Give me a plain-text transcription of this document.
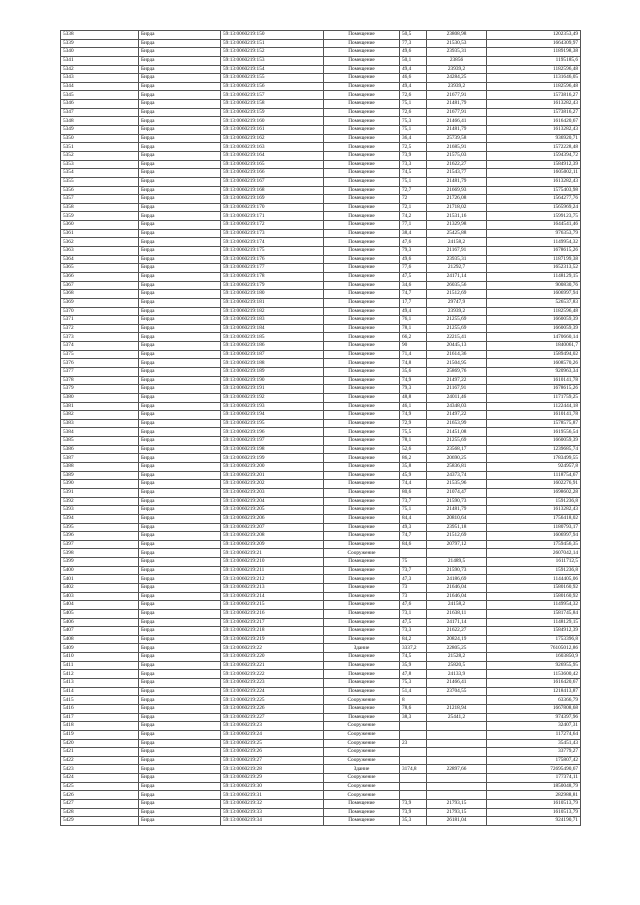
5338	Бирда	59:13:0060219:150	Помещение	50,5	23808,98	1202353,49
5339	Бирда	59:13:0060219:151	Помещение	77,3	21530,53	1664309,97
5340	Бирда	59:13:0060219:152	Помещение	49,6	23935,31	1189198,38
5341	Бирда	59:13:0060219:153	Помещение	50,1	23856	1195185,6
5342	Бирда	59:13:0060219:154	Помещение	49,4	23939,2	1182596,48
5343	Бирда	59:13:0060219:155	Помещение	46,6	24284,25	1131646,05
5344	Бирда	59:13:0060219:156	Помещение	49,4	23939,2	1182596,48
5345	Бирда	59:13:0060219:157	Помещение	72,6	21677,91	1573816,27
5346	Бирда	59:13:0060219:158	Помещение	75,1	21481,79	1613282,43
5347	Бирда	59:13:0060219:159	Помещение	72,6	21677,91	1573816,27
5348	Бирда	59:13:0060219:160	Помещение	75,3	21466,41	1616420,67
5349	Бирда	59:13:0060219:161	Помещение	75,1	21481,79	1613282,43
5350	Бирда	59:13:0060219:162	Помещение	36,4	25739,58	936920,71
5351	Бирда	59:13:0060219:163	Помещение	72,5	21685,91	1572228,48
5352	Бирда	59:13:0060219:164	Помещение	73,9	21575,03	1594394,72
5353	Бирда	59:13:0060219:165	Помещение	73,3	21622,27	1584912,39
5354	Бирда	59:13:0060219:166	Помещение	74,5	21543,77	1605002,11
5355	Бирда	59:13:0060219:167	Помещение	75,1	21481,79	1613282,43
5356	Бирда	59:13:0060219:168	Помещение	72,7	21669,93	1575403,98
5357	Бирда	59:13:0060219:169	Помещение	72	21726,08	1564277,76
5358	Бирда	59:13:0060219:170	Помещение	72,1	21718,02	1565969,24
5359	Бирда	59:13:0060219:171	Помещение	74,2	21531,16	1599123,75
5360	Бирда	59:13:0060219:172	Помещение	77,1	21329,98	1644541,46
5361	Бирда	59:13:0060219:173	Помещение	38,4	25425,88	976353,79
5362	Бирда	59:13:0060219:174	Помещение	47,6	24158,2	1149954,32
5363	Бирда	59:13:0060219:175	Помещение	79,3	21167,91	1678615,26
5364	Бирда	59:13:0060219:176	Помещение	49,6	23935,31	1187199,38
5365	Бирда	59:13:0060219:177	Помещение	77,6	21292,7	1652313,52
5366	Бирда	59:13:0060219:178	Помещение	47,5	24171,14	1148129,15
5367	Бирда	59:13:0060219:179	Помещение	34,6	26035,56	900830,76
5368	Бирда	59:13:0060219:180	Помещение	74,7	21512,69	1606997,94
5369	Бирда	59:13:0060219:181	Помещение	17,7	29747,9	526537,83
5370	Бирда	59:13:0060219:182	Помещение	49,4	23939,2	1182596,48
5371	Бирда	59:13:0060219:183	Помещение	76,1	21255,69	1660059,39
5372	Бирда	59:13:0060219:184	Помещение	78,1	21255,69	1660059,39
5373	Бирда	59:13:0060219:185	Помещение	66,2	22215,41	1470660,14
5374	Бирда	59:13:0060219:186	Помещение	90	20445,13	1840061,7
5375	Бирда	59:13:0060219:187	Помещение	71,4	21614,36	1589494,02
5376	Бирда	59:13:0060219:188	Помещение	74,8	21504,95	1608570,26
5377	Бирда	59:13:0060219:189	Помещение	35,6	25869,76	920963,34
5378	Бирда	59:13:0060219:190	Помещение	74,9	21497,22	1610141,78
5379	Бирда	59:13:0060219:191	Помещение	79,3	21167,91	1678615,26
5380	Бирда	59:13:0060219:192	Помещение	48,8	24011,46	1171759,25
5381	Бирда	59:13:0060219:193	Помещение	46,1	24348,03	1122444,18
5382	Бирда	59:13:0060219:194	Помещение	74,9	21497,22	1610141,78
5383	Бирда	59:13:0060219:195	Помещение	72,9	21653,99	1578575,87
5384	Бирда	59:13:0060219:196	Помещение	75,5	21451,08	1619556,54
5385	Бирда	59:13:0060219:197	Помещение	78,1	21255,69	1660059,39
5386	Бирда	59:13:0060219:198	Помещение	52,6	23568,17	1239685,74
5387	Бирда	59:13:0060219:199	Помещение	86,2	20690,25	1783499,55
5388	Бирда	59:13:0060219:200	Помещение	35,8	25836,81	924957,8
5389	Бирда	59:13:0060219:201	Помещение	45,9	24373,74	1118754,67
5390	Бирда	59:13:0060219:202	Помещение	74,4	21535,96	1602276,91
5391	Бирда	59:13:0060219:203	Помещение	80,6	21074,47	1698602,28
5392	Бирда	59:13:0060219:204	Помещение	73,7	21590,73	1591236,8
5393	Бирда	59:13:0060219:205	Помещение	75,1	21481,79	1613282,43
5394	Бирда	59:13:0060219:206	Помещение	84,4	20810,64	1756418,02
5395	Бирда	59:13:0060219:207	Помещение	49,3	23951,18	1180793,17
5396	Бирда	59:13:0060219:208	Помещение	74,7	21512,69	1606997,94
5397	Бирда	59:13:0060219:209	Помещение	84,6	20797,12	1759456,35
5398	Бирда	59:13:0060219:21	Сооружение			2607042,14
5399	Бирда	59:13:0060219:210	Помещение	75	21489,5	1611712,5
5400	Бирда	59:13:0060219:211	Помещение	73,7	21590,73	1591236,8
5401	Бирда	59:13:0060219:212	Помещение	47,3	24186,69	1144405,06
5402	Бирда	59:13:0060219:213	Помещение	73	21646,04	1580160,92
5403	Бирда	59:13:0060219:214	Помещение	73	21646,04	1580160,92
5404	Бирда	59:13:0060219:215	Помещение	47,6	24158,2	1149954,32
5405	Бирда	59:13:0060219:216	Помещение	73,1	21638,11	1581745,84
5406	Бирда	59:13:0060219:217	Помещение	47,5	24171,14	1148129,15
5407	Бирда	59:13:0060219:218	Помещение	73,3	21622,27	1584912,39
5408	Бирда	59:13:0060219:219	Помещение	84,2	20824,19	1753396,8
5409	Бирда	59:13:0060219:22	Здание	3337,2	22805,25	76105012,86
5410	Бирда	59:13:0060219:220	Помещение	74,5	21528,2	1603850,9
5411	Бирда	59:13:0060219:221	Помещение	35,9	25820,5	926955,95
5412	Бирда	59:13:0060219:222	Помещение	47,8	24133,9	1153600,42
5413	Бирда	59:13:0060219:223	Помещение	75,3	21466,41	1616420,67
5414	Бирда	59:13:0060219:224	Помещение	51,4	23704,55	1218413,87
5415	Бирда	59:13:0060219:225	Сооружение	8		63366,79
5416	Бирда	59:13:0060219:226	Помещение	78,6	21218,94	1667808,68
5417	Бирда	59:13:0060219:227	Помещение	38,3	25441,2	974397,96
5418	Бирда	59:13:0060219:23	Сооружение			32407,31
5419	Бирда	59:13:0060219:24	Сооружение			117274,64
5420	Бирда	59:13:0060219:25	Сооружение	23		35451,43
5421	Бирда	59:13:0060219:26	Сооружение			33779,27
5422	Бирда	59:13:0060219:27	Сооружение			175807,42
5423	Бирда	59:13:0060219:28	Здание	3174,8	22897,66	72695490,67
5424	Бирда	59:13:0060219:29	Сооружение			177374,11
5425	Бирда	59:13:0060219:30	Сооружение			1850048,79
5426	Бирда	59:13:0060219:31	Сооружение			282988,81
5427	Бирда	59:13:0060219:32	Помещение	73,9	21793,15	1610513,79
5428	Бирда	59:13:0060219:33	Помещение	73,9	21793,15	1610513,79
5429	Бирда	59:13:0060219:34	Помещение	35,3	26181,04	924190,71
